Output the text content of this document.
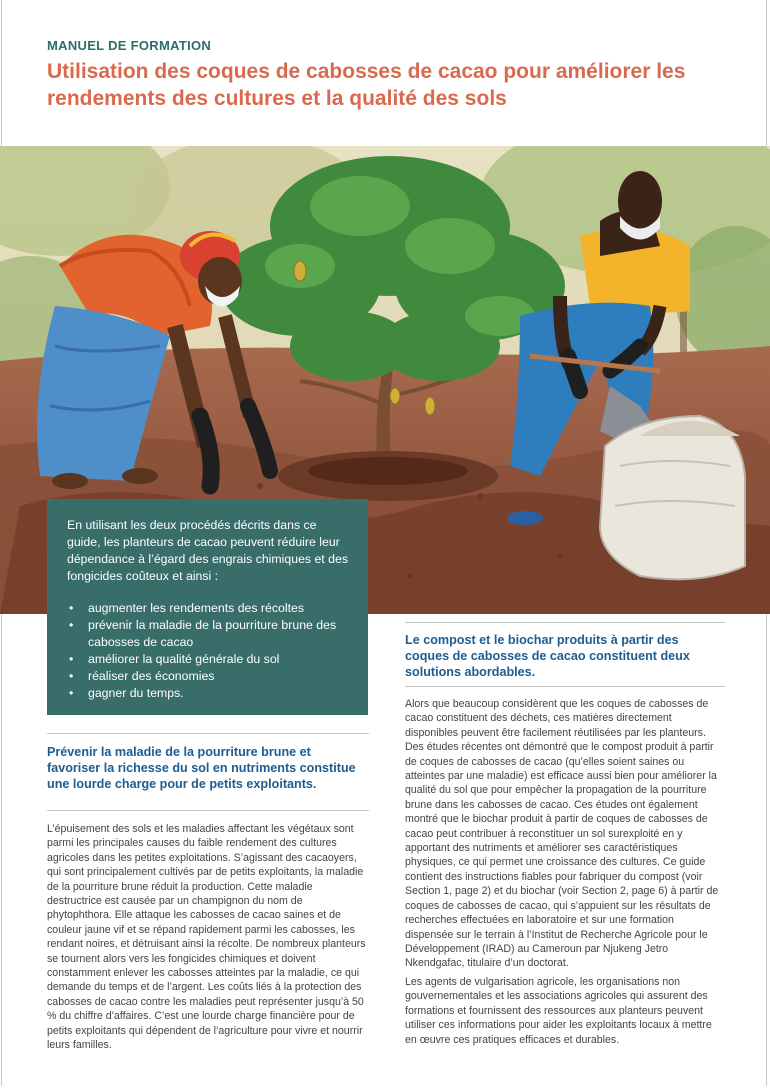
MANUEL DE FORMATION
Utilisation des coques de cabosses de cacao pour améliorer les rendements des cultures et la qualité des sols

En utilisant les deux procédés décrits dans ce guide, les planteurs de cacao peuvent réduire leur dépendance à l’égard des engrais chimiques et des fongicides coûteux et ainsi :

• augmenter les rendements des récoltes
• prévenir la maladie de la pourriture brune des cabosses de cacao
• améliorer la qualité générale du sol
• réaliser des économies
• gagner du temps.
Prévenir la maladie de la pourriture brune et favoriser la richesse du sol en nutriments constitue une lourde charge pour de petits exploitants.

L’épuisement des sols et les maladies affectant les végétaux sont parmi les principales causes du faible rendement des cultures agricoles dans les petites exploitations. S’agissant des cacaoyers, qui sont principalement cultivés par de petits exploitants, la maladie de la pourriture brune réduit la production. Cette maladie destructrice est causée par un champignon du nom de phytophthora. Elle attaque les cabosses de cacao saines et de couleur jaune vif et se répand rapidement parmi les cabosses, les rendant noires, et détruisant ainsi la récolte. De nombreux planteurs se tournent alors vers les fongicides chimiques et doivent constamment enlever les cabosses atteintes par la maladie, ce qui demande du temps et de l’argent. Les coûts liés à la protection des cabosses de cacao contre les maladies peut représenter jusqu’à 50 % du chiffre d’affaires. C’est une lourde charge financière pour de petits exploitants qui dépendent de l’agriculture pour vivre et nourrir leurs familles.

Le compost et le biochar produits à partir des coques de cabosses de cacao constituent deux solutions abordables.

Alors que beaucoup considèrent que les coques de cabosses de cacao constituent des déchets, ces matières directement disponibles peuvent être facilement réutilisées par les planteurs. Des études récentes ont démontré que le compost produit à partir de coques de cabosses de cacao (qu’elles soient saines ou atteintes par une maladie) est efficace aussi bien pour améliorer la qualité du sol que pour empêcher la propagation de la pourriture brune dans les cabosses de cacao. Ces études ont également montré que le biochar produit à partir de coques de cabosses de cacao peut contribuer à reconstituer un sol surexploité en y apportant des nutriments et améliorer ses caractéristiques physiques, ce qui permet une croissance des cultures. Ce guide contient des instructions fiables pour fabriquer du compost (voir Section 1, page 2) et du biochar (voir Section 2, page 6) à partir de coques de cabosses de cacao, qui s’appuient sur les résultats de recherches effectuées en laboratoire et sur une formation dispensée sur le terrain à l’Institut de Recherche Agricole pour le Développement (IRAD) au Cameroun par Njukeng Jetro Nkendgafac, titulaire d’un doctorat.

Les agents de vulgarisation agricole, les organisations non gouvernementales et les associations agricoles qui assurent des formations et fournissent des ressources aux planteurs peuvent utiliser ces informations pour aider les exploitants locaux à mettre en œuvre ces pratiques efficaces et durables.
